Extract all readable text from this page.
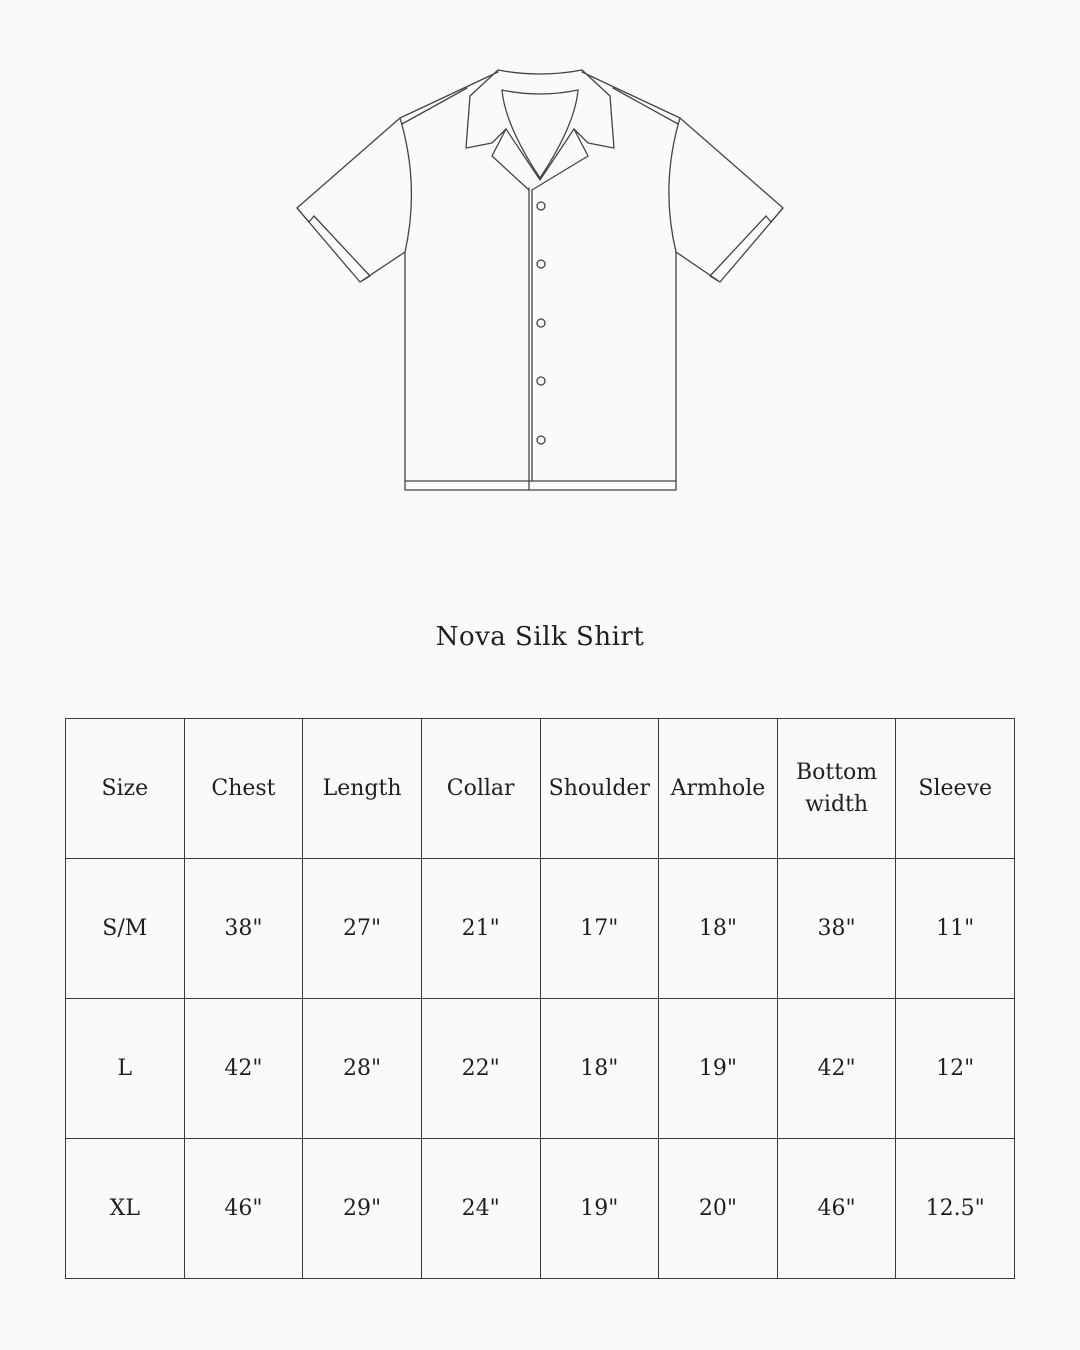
Nova Silk Shirt
Size	Chest	Length	Collar	Shoulder	Armhole	Bottom width	Sleeve
S/M	38"	27"	21"	17"	18"	38"	11"
L	42"	28"	22"	18"	19"	42"	12"
XL	46"	29"	24"	19"	20"	46"	12.5"
